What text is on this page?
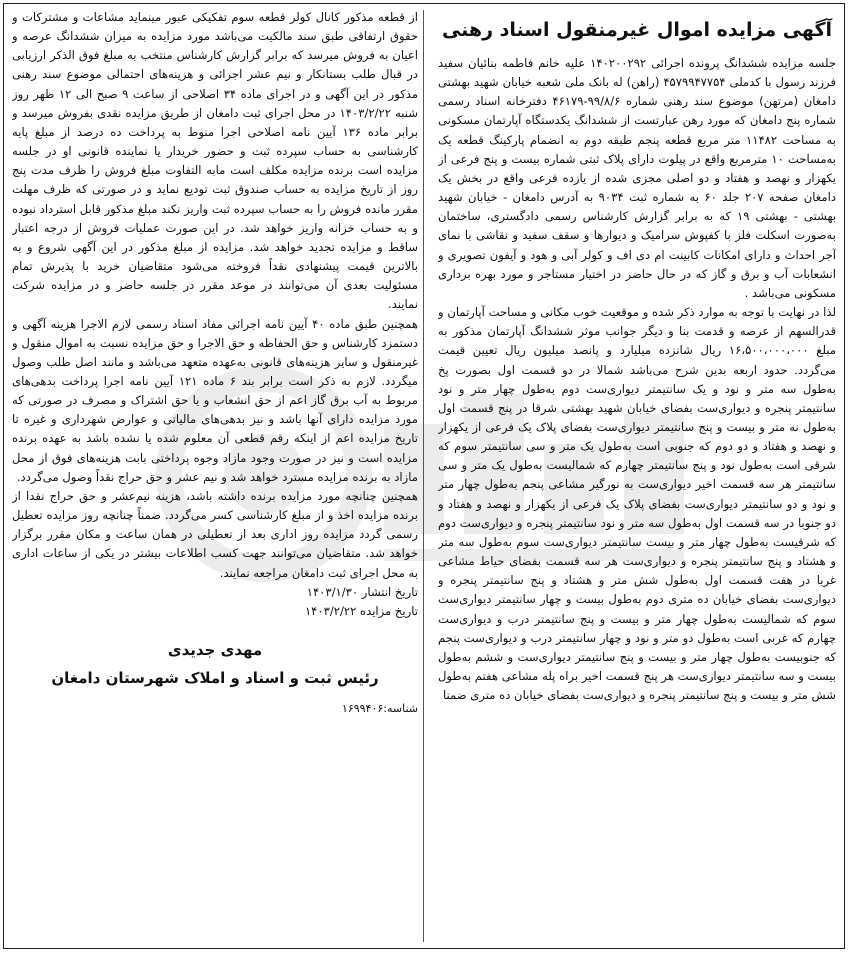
آگهی مزایده اموال غیرمنقول اسناد رهنی

جلسه مزایده ششدانگ پرونده اجرائی ۱۴۰۲۰۰۲۹۲ علیه خانم فاطمه بنائیان سفید فرزند رسول با کدملی ۴۵۷۹۹۴۷۷۵۴ (راهن) له بانک ملی شعبه خیابان شهید بهشتی دامغان (مرتهن) موضوع سند رهنی شماره ۹۹/۸/۶-۴۶۱۷۹ دفترخانه اسناد رسمی شماره پنج دامغان که مورد رهن عبارتست از ششدانگ یکدستگاه آپارتمان مسکونی به مساحت ۱۱۴۸۲ متر مربع قطعه پنجم طبقه دوم به انضمام پارکینگ قطعه یک به‌مساحت ۱۰ مترمربع واقع در پیلوت دارای پلاک ثبتی شماره بیست و پنج فرعی از یکهزار و نهصد و هفتاد و دو اصلی مجزی شده از یازده فرعی واقع در بخش یک دامغان صفحه ۲۰۷ جلد ۶۰ به شماره ثبت ۹۰۳۴ به آدرس دامغان - خیابان شهید بهشتی - بهشتی ۱۹ که به‌ برابر گزارش کارشناس رسمی دادگستری، ساختمان به‌صورت اسکلت فلز با کفپوش سرامیک و دیوارها و سقف سفید و نقاشی با نمای آجر احداث و دارای امکانات کابینت ام دی اف و کولر آبی و هود و آیفون تصویری و انشعابات آب و برق و گاز که در حال حاضر در اختیار مستاجر و مورد بهره برداری مسکونی می‌باشد .

لذا در نهایت با توجه به موارد ذکر شده و موقعیت خوب مکانی و مساحت آپارتمان و قدرالسهم از عرصه و قدمت بنا و دیگر جوانب موثر ششدانگ آپارتمان مذکور به مبلغ ۱۶،۵۰۰،۰۰۰،۰۰۰ ریال شانزده میلیارد و پانصد میلیون ریال تعیین قیمت می‌گردد. حدود اربعه بدین شرح می‌باشد شمالا در دو قسمت اول بصورت پخ به‌طول سه متر و نود و یک سانتیمتر دیواری‌ست دوم به‌طول چهار متر و نود سانتیمتر پنجره و دیواری‌ست بفضای خیابان شهید بهشتی شرقا در پنج قسمت اول به‌طول نه متر و بیست و پنج سانتیمتر دیواری‌ست بفضای پلاک یک فرعی از یکهزار و نهصد و هفتاد و دو دوم که جنوبی است به‌طول یک متر و سی سانتیمتر سوم که شرقی است به‌طول نود و پنج سانتیمتر چهارم که شمالیست به‌طول یک متر و سی سانتیمتر هر سه قسمت اخیر دیواری‌ست به نورگیر مشاعی پنجم به‌طول چهار متر و نود و دو سانتیمتر دیواری‌ست بفضای پلاک یک فرعی از یکهزار و نهصد و هفتاد و دو جنوبا در سه قسمت اول به‌طول سه متر و نود سانتیمتر پنجره و دیواری‌ست دوم که شرقیست به‌طول چهار متر و بیست سانتیمتر دیواری‌ست سوم به‌طول سه متر و هشتاد و پنج سانتیمتر پنجره و دیواری‌ست هر سه قسمت بفضای حیاط مشاعی غربا در هفت قسمت اول به‌طول شش متر و هشتاد و پنج سانتیمتر پنجره و دیواری‌ست بفضای خیابان ده متری دوم به‌طول بیست و چهار سانتیمتر دیواری‌ست سوم که شمالیست به‌طول چهار متر و بیست و پنج سانتیمتر درب و دیواری‌ست چهارم که غربی است به‌طول دو متر و نود و چهار سانتیمتر درب و دیواری‌ست پنجم که جنوبیست به‌طول چهار متر و بیست و پنج سانتیمتر دیواری‌ست و ششم به‌طول بیست و سه سانتیمتر دیواری‌ست هر پنج قسمت اخیر براه پله مشاعی هفتم به‌طول شش متر و بیست و پنج سانتیمتر پنجره و دیواری‌ست بفضای خیابان ده متری ضمنا

از قطعه مذکور کانال کولر قطعه سوم تفکیکی عبور مینماید مشاعات و مشترکات و حقوق ارتفاقی طبق سند مالکیت می‌باشد مورد مزایده به میزان ششدانگ عرصه و اعیان به فروش میرسد که برابر گزارش کارشناس منتخب به مبلغ فوق الذکر ارزیابی در قبال طلب بستانکار و نیم عشر اجرائی و هزینه‌های احتمالی موضوع سند رهنی مذکور در این آگهی و در اجرای ماده ۳۴ اصلاحی از ساعت ۹ صبح الی ۱۲ ظهر روز شنبه ۱۴۰۳/۲/۲۲ در محل اجرای ثبت دامغان از طریق مزایده نقدی بفروش میرسد و برابر ماده ۱۳۶ آیین نامه اصلاحی اجرا منوط به پرداخت ده درصد از مبلغ پایه کارشناسی به حساب سپرده ثبت و حضور خریدار یا نماینده قانونی او در جلسه مزایده است برنده مزایده مکلف است مابه التفاوت مبلغ فروش را ظرف مدت پنج روز از تاریخ مزایده به حساب صندوق ثبت تودیع نماید و در صورتی که ظرف مهلت مقرر مانده فروش را به حساب سپرده ثبت واریز نکند مبلغ مذکور قابل استرداد نبوده و به حساب خزانه واریز خواهد شد. در این صورت عملیات فروش از درجه اعتبار ساقط و مزایده تجدید خواهد شد. مزایده از مبلغ مذکور در این آگهی شروع و به بالاترین قیمت پیشنهادی نقداً فروخته می‌شود متقاضیان خرید با پذیرش تمام مسئولیت بعدی آن می‌توانند در موعد مقرر در جلسه حاضر و در مزایده شرکت نمایند.

همچنین طبق ماده ۴۰ آیین نامه اجرائی مفاد اسناد رسمی لازم الاجرا هزینه آگهی و دستمزد کارشناس و حق الحفاظه و حق الاجرا و حق مزایده نسبت به اموال منقول و غیرمنقول و سایر هزینه‌های قانونی به‌عهده متعهد می‌باشد و مانند اصل طلب وصول میگردد. لازم به ذکر است برابر بند ۶ ماده ۱۲۱ آیین نامه اجرا پرداخت بدهی‌های مربوط به آب برق گاز اعم از حق انشعاب و یا حق اشتراک و مصرف در صورتی که مورد مزایده دارای آنها باشد و نیز بدهی‌های مالیاتی و عوارض شهرداری و غیره تا تاریخ مزایده اعم از اینکه رقم قطعی آن معلوم شده یا نشده باشد به عهده برنده مزایده است و نیز در صورت وجود مازاد وجوه پرداختی بابت هزینه‌های فوق از محل مازاد به برنده مزایده مسترد خواهد شد و نیم عشر و حق حراج نقداً وصول می‌گردد.

همچنین چنانچه مورد مزایده برنده داشته باشد، هزینه نیم‌عشر و حق حراج نقدا از برنده مزایده اخذ و از مبلغ کارشناسی کسر می‌گردد. ضمناً چنانچه روز مزایده تعطیل رسمی گردد مزایده روز اداری بعد از تعطیلی در همان ساعت و مکان مقرر برگزار خواهد شد. متقاضیان می‌توانند جهت کسب اطلاعات بیشتر در یکی از ساعات اداری به محل اجرای ثبت دامغان مراجعه نمایند.

تاریخ انتشار ۱۴۰۳/۱/۳۰

تاریخ مزایده ۱۴۰۳/۲/۲۲

مهدی جدیدی
رئیس ثبت و اسناد و املاک شهرستان دامغان
شناسه:۱۶۹۹۴۰۶
